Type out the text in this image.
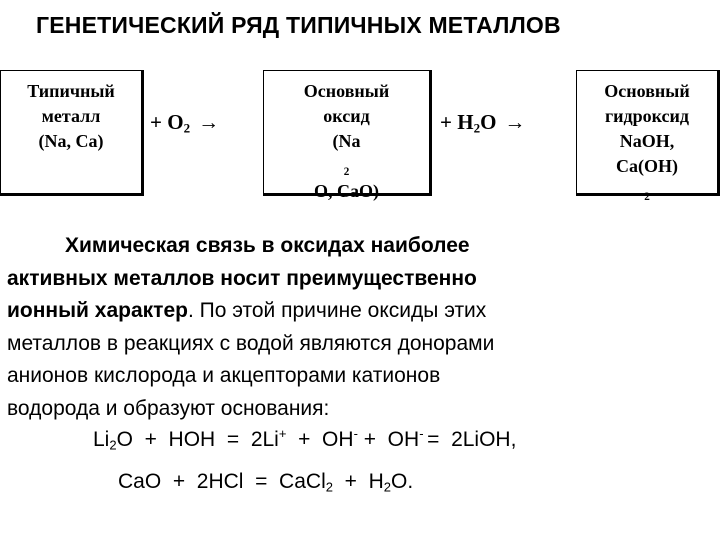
ГЕНЕТИЧЕСКИЙ РЯД ТИПИЧНЫХ МЕТАЛЛОВ
Типичный
металл
(Na, Ca)
+ $O_2$ →
Основный
оксид
(Na
$_2$
O, CaO)
+ $H_2O$ →
Основный
гидроксид
NaOH,
Ca(OH)
$_2$
Химическая связь в оксидах наиболее
активных металлов носит преимущественно
ионный характер. По этой причине оксиды этих
металлов в реакциях с водой являются донорами
анионов кислорода и акцепторами катионов
водорода и образуют основания:
$Li_2O$  +  HOH  =  2Li+  +  OH- +  OH- =  2LiOH,
CaO  +  2HCl  =  CaCl$_2$  +  $H_2O$.
